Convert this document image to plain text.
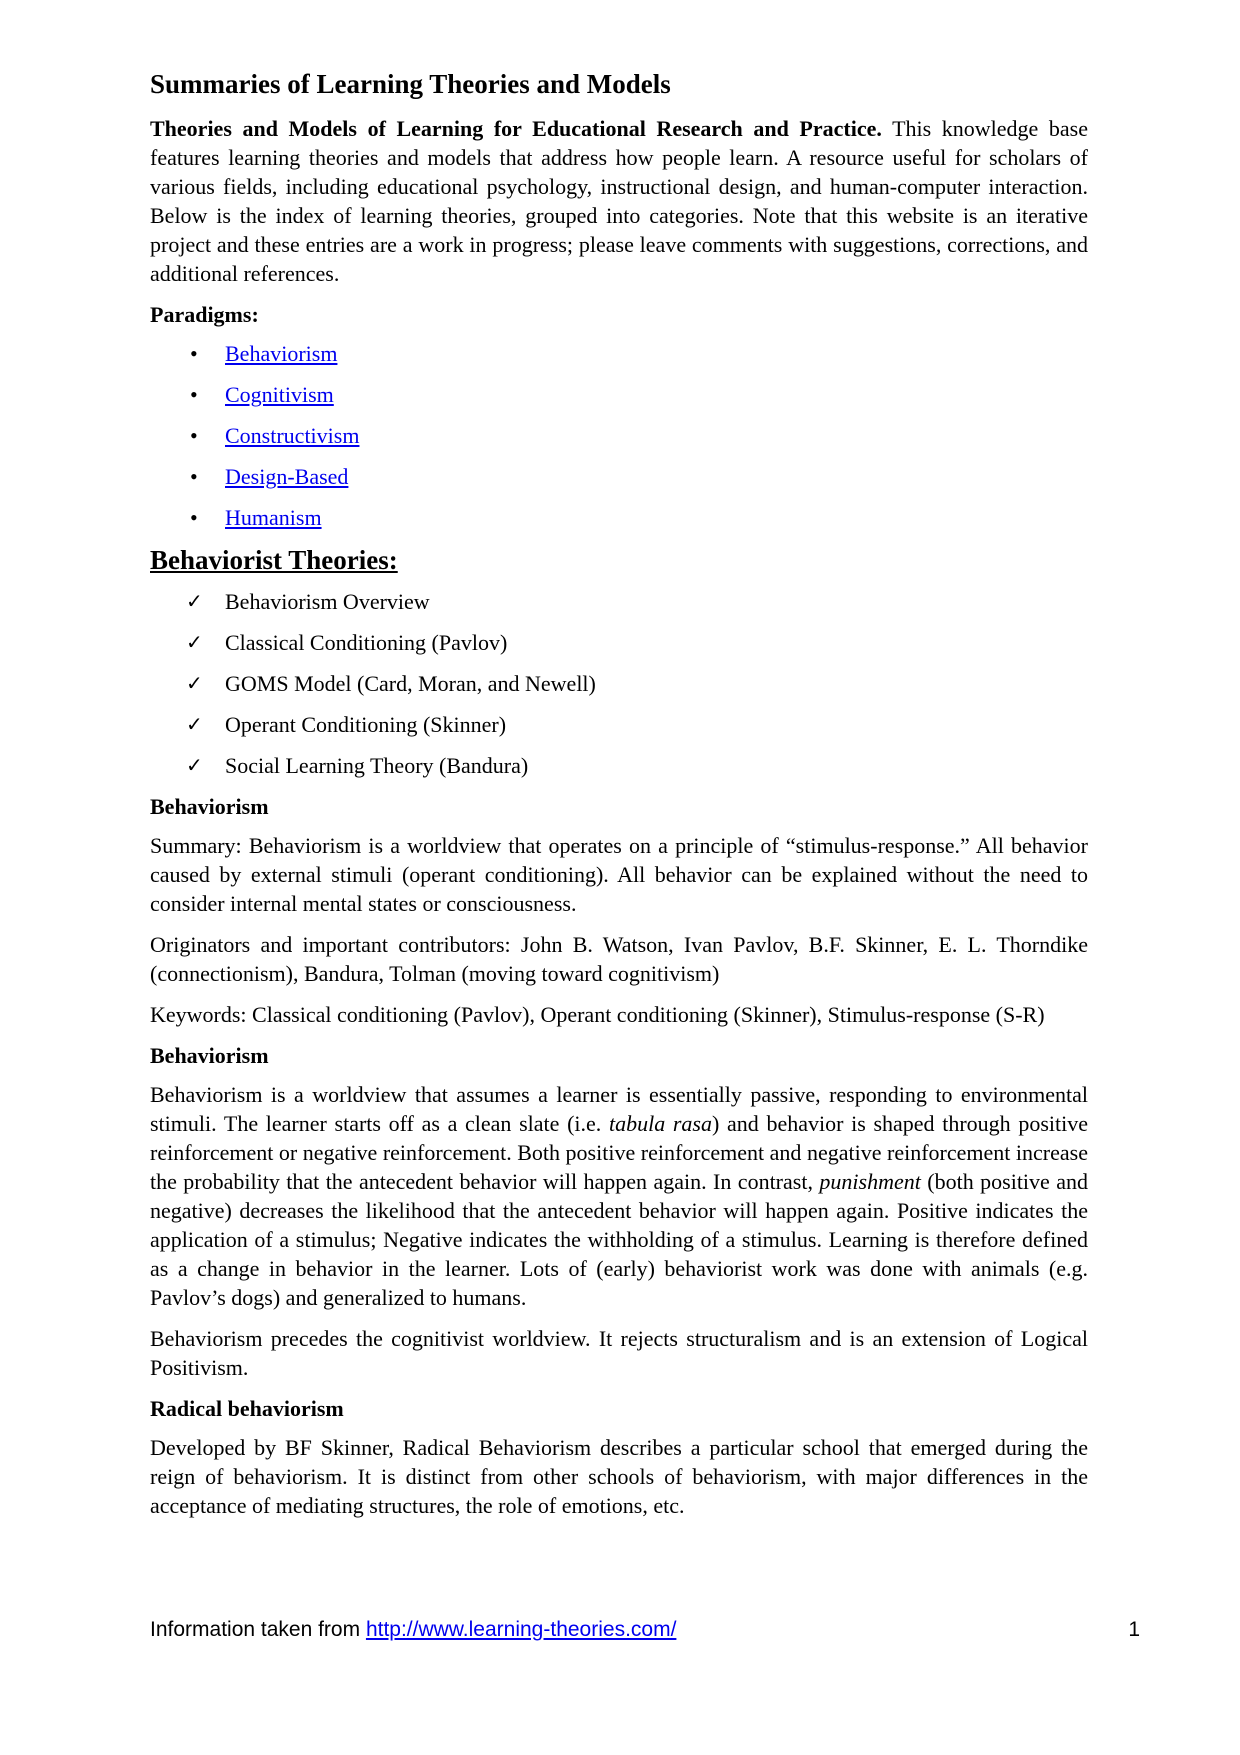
Summaries of Learning Theories and Models

Theories and Models of Learning for Educational Research and Practice. This knowledge base features learning theories and models that address how people learn. A resource useful for scholars of various fields, including educational psychology, instructional design, and human-computer interaction. Below is the index of learning theories, grouped into categories. Note that this website is an iterative project and these entries are a work in progress; please leave comments with suggestions, corrections, and additional references.

Paradigms:
• Behaviorism
• Cognitivism
• Constructivism
• Design-Based
• Humanism
Behaviorist Theories:
✓ Behaviorism Overview
✓ Classical Conditioning (Pavlov)
✓ GOMS Model (Card, Moran, and Newell)
✓ Operant Conditioning (Skinner)
✓ Social Learning Theory (Bandura)
Behaviorism

Summary: Behaviorism is a worldview that operates on a principle of “stimulus-response.” All behavior caused by external stimuli (operant conditioning). All behavior can be explained without the need to consider internal mental states or consciousness.

Originators and important contributors: John B. Watson, Ivan Pavlov, B.F. Skinner, E. L. Thorndike (connectionism), Bandura, Tolman (moving toward cognitivism)

Keywords: Classical conditioning (Pavlov), Operant conditioning (Skinner), Stimulus-response (S-R)

Behaviorism

Behaviorism is a worldview that assumes a learner is essentially passive, responding to environmental stimuli. The learner starts off as a clean slate (i.e. tabula rasa) and behavior is shaped through positive reinforcement or negative reinforcement. Both positive reinforcement and negative reinforcement increase the probability that the antecedent behavior will happen again. In contrast, punishment (both positive and negative) decreases the likelihood that the antecedent behavior will happen again. Positive indicates the application of a stimulus; Negative indicates the withholding of a stimulus. Learning is therefore defined as a change in behavior in the learner. Lots of (early) behaviorist work was done with animals (e.g. Pavlov’s dogs) and generalized to humans.

Behaviorism precedes the cognitivist worldview. It rejects structuralism and is an extension of Logical Positivism.

Radical behaviorism

Developed by BF Skinner, Radical Behaviorism describes a particular school that emerged during the reign of behaviorism. It is distinct from other schools of behaviorism, with major differences in the acceptance of mediating structures, the role of emotions, etc.

Information taken from http://www.learning-theories.com/	1
